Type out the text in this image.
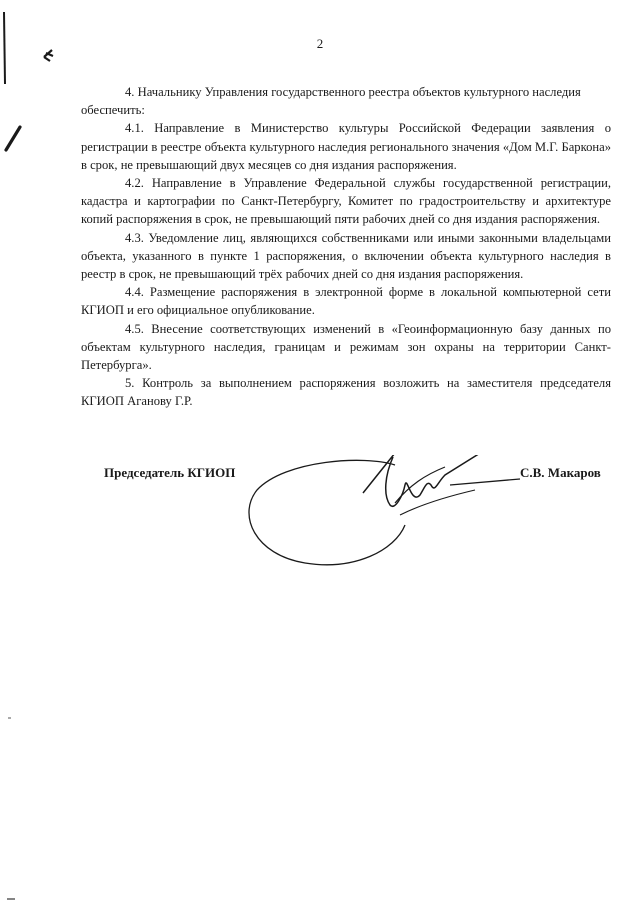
2

4. Начальнику Управления государственного реестра объектов культурного наследия обеспечить:

4.1. Направление в Министерство культуры Российской Федерации заявления о регистрации в реестре объекта культурного наследия регионального значения «Дом М.Г. Баркона» в срок, не превышающий двух месяцев со дня издания распоряжения.

4.2. Направление в Управление Федеральной службы государственной регистрации, кадастра и картографии по Санкт-Петербургу, Комитет по градостроительству и архитектуре копий распоряжения в срок, не превышающий пяти рабочих дней со дня издания распоряжения.

4.3. Уведомление лиц, являющихся собственниками или иными законными владельцами объекта, указанного в пункте 1 распоряжения, о включении объекта культурного наследия в реестр в срок, не превышающий трёх рабочих дней со дня издания распоряжения.

4.4. Размещение распоряжения в электронной форме в локальной компьютерной сети КГИОП и его официальное опубликование.

4.5. Внесение соответствующих изменений в «Геоинформационную базу данных по объектам культурного наследия, границам и режимам зон охраны на территории Санкт-Петербурга».

5. Контроль за выполнением распоряжения возложить на заместителя председателя КГИОП Аганову Г.Р.

Председатель КГИОП	С.В. Макаров
